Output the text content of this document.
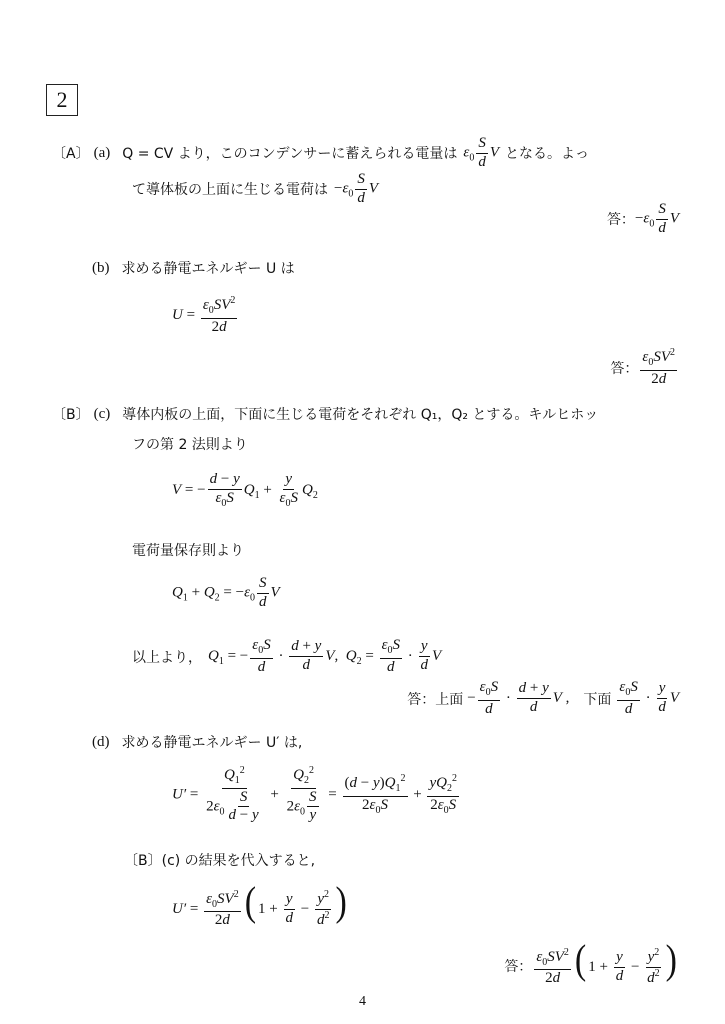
2
〔A〕 (a) Q = CV より，このコンデンサーに蓄えられる電量は $\varepsilon_0 \frac{S}{d}$ V となる。よっ
て導体板の上面に生じる電荷は $-\varepsilon_0 \frac{S}{d}$ V
答： $-\varepsilon_0 \frac{S}{d}$ V
(b) 求める静電エネルギー U は
$U = \frac{\varepsilon_0SV^2}{2d}$
答： $\frac{\varepsilon_0SV^2}{2d}$
〔B〕 (c) 導体内板の上面，下面に生じる電荷をそれぞれ Q₁，Q₂ とする。キルヒホッ
フの第 2 法則より
V = − $\frac{d - y}{\varepsilon_0S} Q_1 + \frac{y}{\varepsilon_0S} Q_2$
電荷量保存則より
$Q_1 + Q_2 = -\varepsilon_0 \frac{S}{d}$ V
以上より， $Q_1$ = − $\frac{\varepsilon_0S}{d} \cdot \frac{d + y}{d} V$,  $Q_2 = \frac{\varepsilon_0S}{d} \cdot \frac{y}{d}$ V
答：上面 − $\frac{\varepsilon_0S}{d} \cdot \frac{d + y}{d}$ V , 下面 $\frac{\varepsilon_0S}{d} \cdot \frac{y}{d}$ V
(d) 求める静電エネルギー U′ は,
$U' = \frac{Q_1^2}{2\varepsilon_0 \frac{S}{d - y}} + \frac{Q_2^2}{2\varepsilon_0 \frac{S}{y}} = \frac{(d - y)Q_1^2}{2\varepsilon_0S} + \frac{yQ_2^2}{2\varepsilon_0S}$
〔B〕(c) の結果を代入すると,
$U' = \frac{\varepsilon_0SV^2}{2d}$ ( $1 + \frac{y}{d} - \frac{y^2}{d^2}$ )
答： $\frac{\varepsilon_0SV^2}{2d}$ ( $1 + \frac{y}{d} - \frac{y^2}{d^2}$ )
4
